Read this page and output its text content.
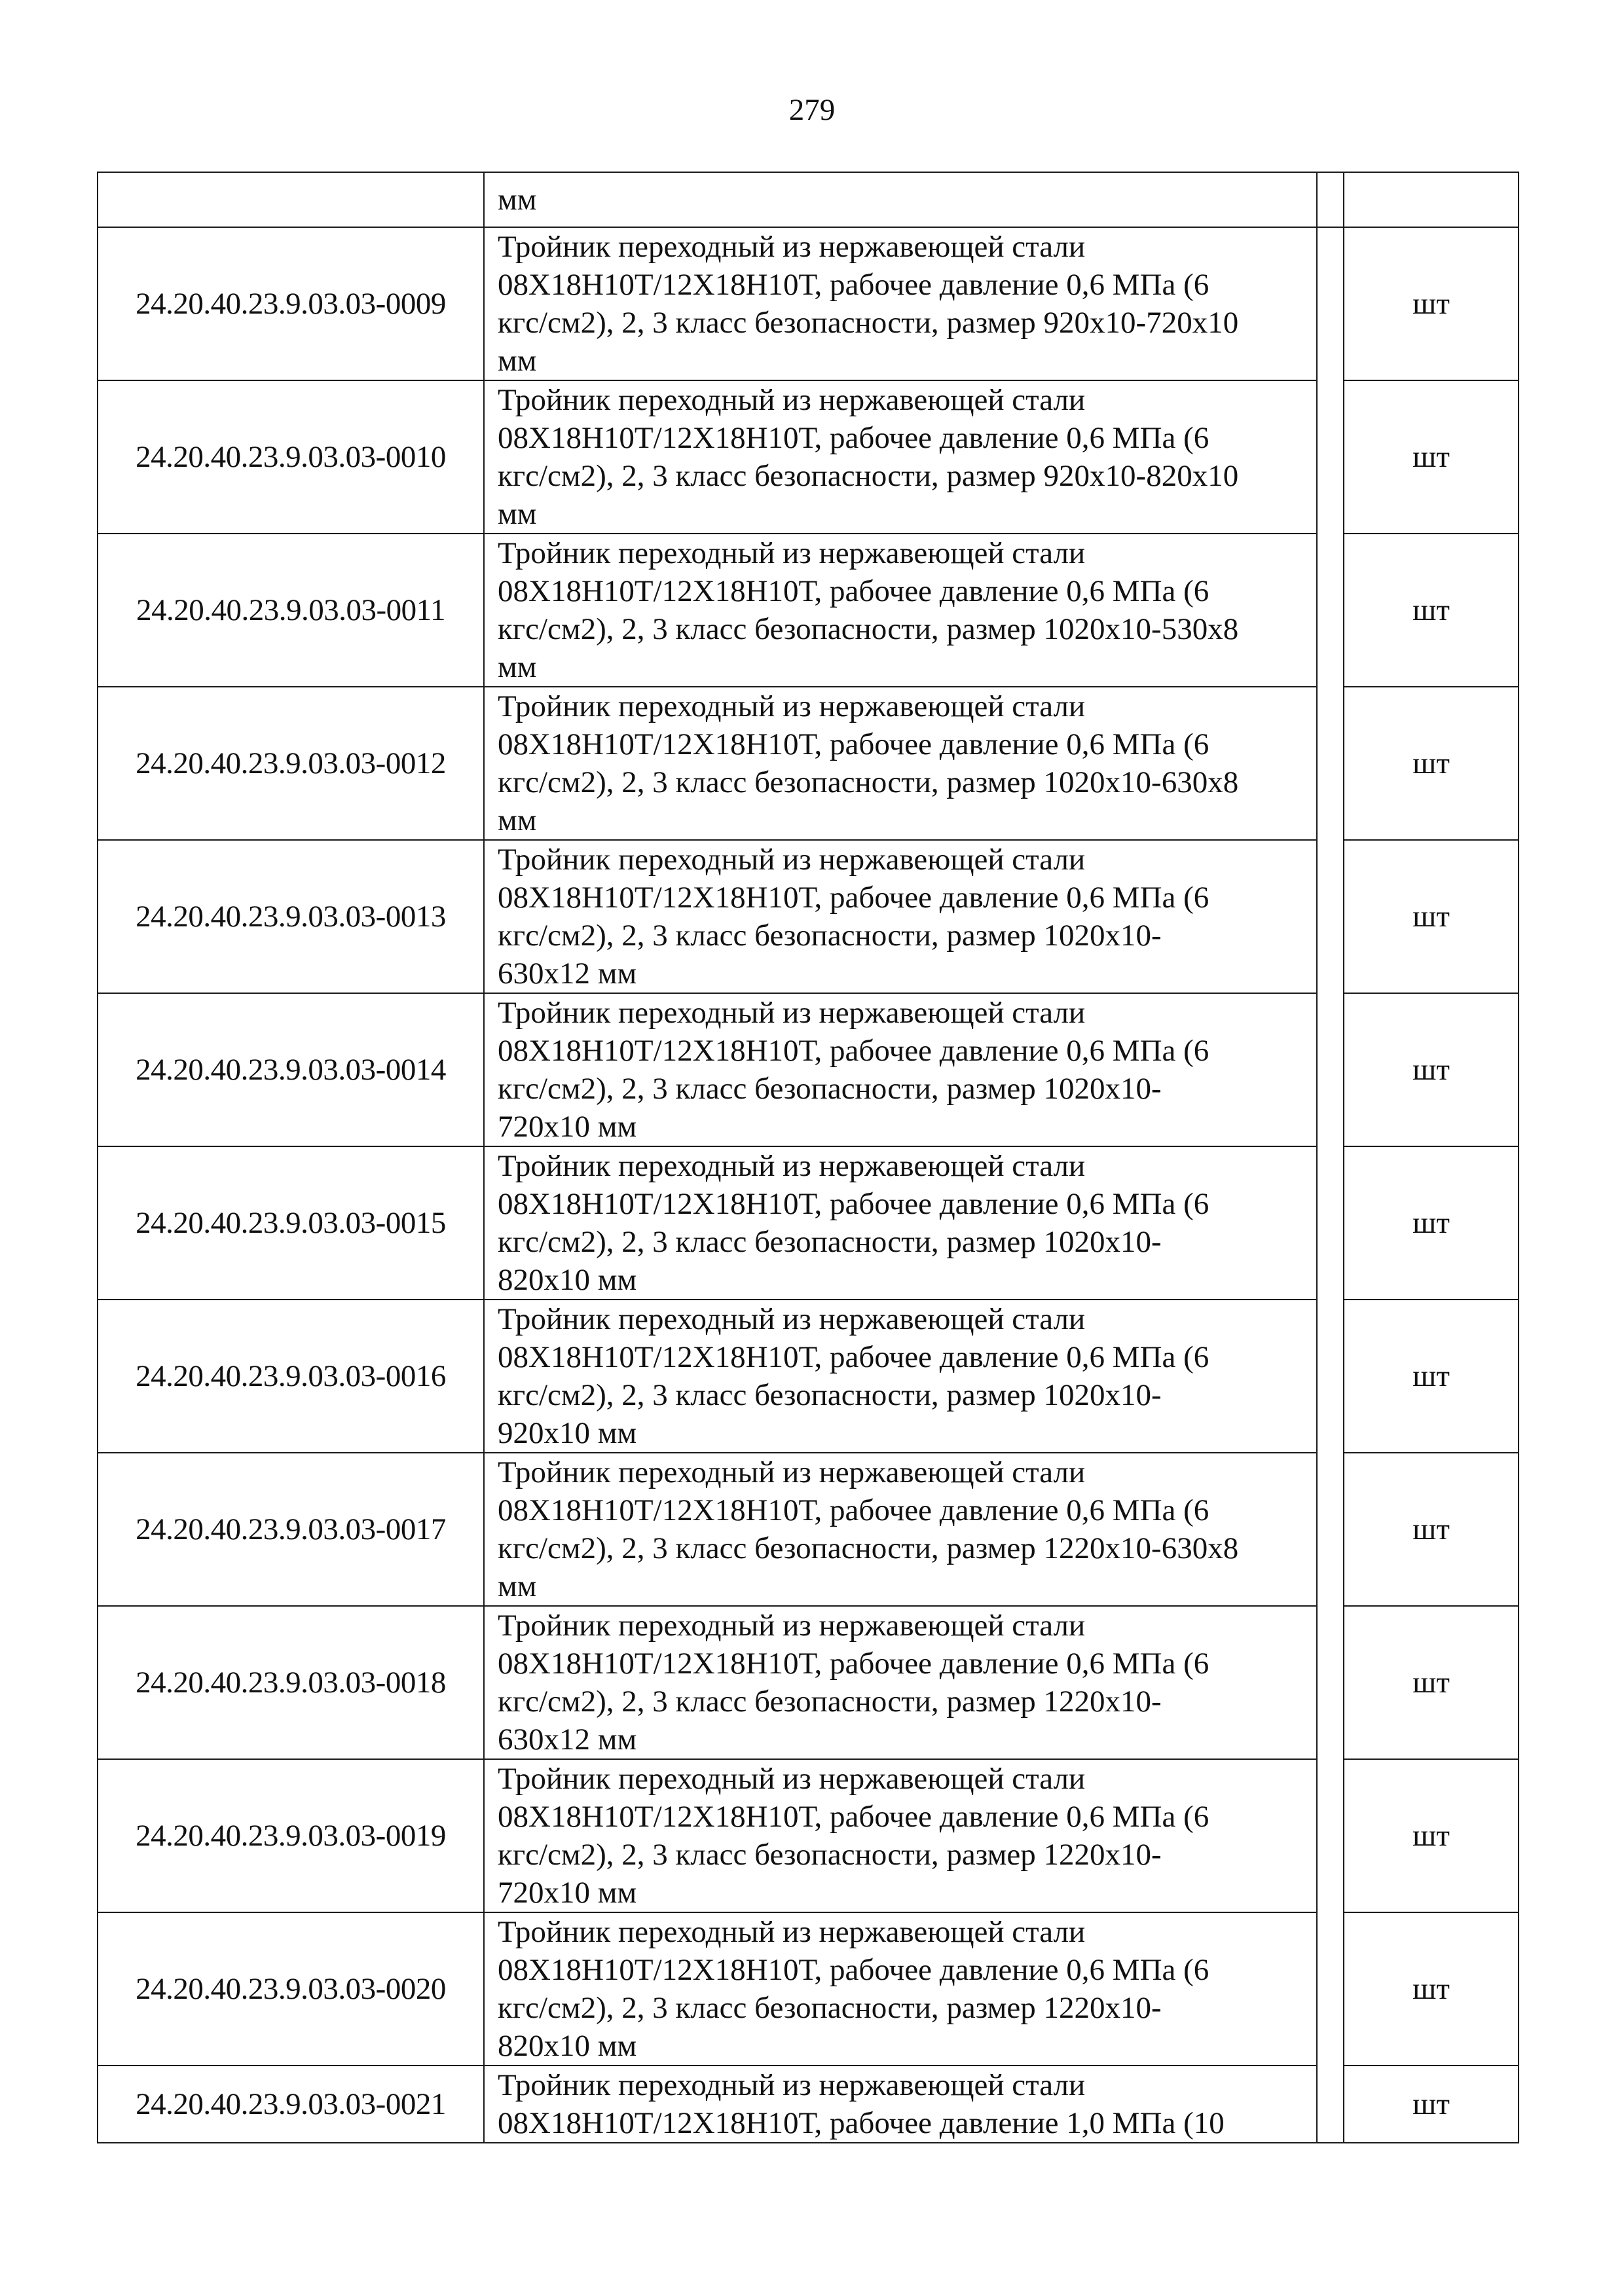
279

	мм		

24.20.40.23.9.03.03-0009	Тройник переходный из нержавеющей стали
08Х18Н10Т/12Х18Н10Т, рабочее давление 0,6 МПа (6
кгс/см2), 2, 3 класс безопасности, размер 920х10-720х10
мм		шт
24.20.40.23.9.03.03-0010	Тройник переходный из нержавеющей стали
08Х18Н10Т/12Х18Н10Т, рабочее давление 0,6 МПа (6
кгс/см2), 2, 3 класс безопасности, размер 920х10-820х10
мм		шт
24.20.40.23.9.03.03-0011	Тройник переходный из нержавеющей стали
08Х18Н10Т/12Х18Н10Т, рабочее давление 0,6 МПа (6
кгс/см2), 2, 3 класс безопасности, размер 1020х10-530х8
мм		шт
24.20.40.23.9.03.03-0012	Тройник переходный из нержавеющей стали
08Х18Н10Т/12Х18Н10Т, рабочее давление 0,6 МПа (6
кгс/см2), 2, 3 класс безопасности, размер 1020х10-630х8
мм		шт
24.20.40.23.9.03.03-0013	Тройник переходный из нержавеющей стали
08Х18Н10Т/12Х18Н10Т, рабочее давление 0,6 МПа (6
кгс/см2), 2, 3 класс безопасности, размер 1020х10-
630х12 мм		шт
24.20.40.23.9.03.03-0014	Тройник переходный из нержавеющей стали
08Х18Н10Т/12Х18Н10Т, рабочее давление 0,6 МПа (6
кгс/см2), 2, 3 класс безопасности, размер 1020х10-
720х10 мм		шт
24.20.40.23.9.03.03-0015	Тройник переходный из нержавеющей стали
08Х18Н10Т/12Х18Н10Т, рабочее давление 0,6 МПа (6
кгс/см2), 2, 3 класс безопасности, размер 1020х10-
820х10 мм		шт
24.20.40.23.9.03.03-0016	Тройник переходный из нержавеющей стали
08Х18Н10Т/12Х18Н10Т, рабочее давление 0,6 МПа (6
кгс/см2), 2, 3 класс безопасности, размер 1020х10-
920х10 мм		шт
24.20.40.23.9.03.03-0017	Тройник переходный из нержавеющей стали
08Х18Н10Т/12Х18Н10Т, рабочее давление 0,6 МПа (6
кгс/см2), 2, 3 класс безопасности, размер 1220х10-630х8
мм		шт
24.20.40.23.9.03.03-0018	Тройник переходный из нержавеющей стали
08Х18Н10Т/12Х18Н10Т, рабочее давление 0,6 МПа (6
кгс/см2), 2, 3 класс безопасности, размер 1220х10-
630х12 мм		шт
24.20.40.23.9.03.03-0019	Тройник переходный из нержавеющей стали
08Х18Н10Т/12Х18Н10Т, рабочее давление 0,6 МПа (6
кгс/см2), 2, 3 класс безопасности, размер 1220х10-
720х10 мм		шт
24.20.40.23.9.03.03-0020	Тройник переходный из нержавеющей стали
08Х18Н10Т/12Х18Н10Т, рабочее давление 0,6 МПа (6
кгс/см2), 2, 3 класс безопасности, размер 1220х10-
820х10 мм		шт
24.20.40.23.9.03.03-0021	Тройник переходный из нержавеющей стали
08Х18Н10Т/12Х18Н10Т, рабочее давление 1,0 МПа (10		шт
